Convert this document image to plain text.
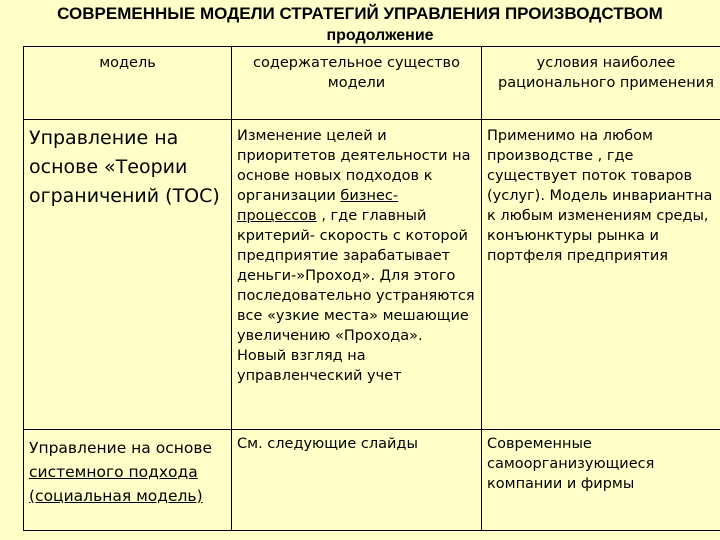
СОВРЕМЕННЫЕ МОДЕЛИ СТРАТЕГИЙ УПРАВЛЕНИЯ ПРОИЗВОДСТВОМ
продолжение
модель	содержательное существо модели	условия наиболее рационального применения
Управление на основе «Теории ограничений (ТОС)	Изменение целей и приоритетов деятельности на основе новых подходов к организации бизнес-процессов , где главный критерий- скорость с которой предприятие зарабатывает деньги-»Проход». Для этого последовательно устраняются все «узкие места» мешающие увеличению «Прохода». Новый взгляд на управленческий учет	Применимо на любом производстве , где существует поток товаров (услуг). Модель инвариантна к любым изменениям среды, конъюнктуры рынка и портфеля предприятия
Управление на основе системного подхода (социальная модель)	См. следующие слайды	Современные самоорганизующиеся компании и фирмы
